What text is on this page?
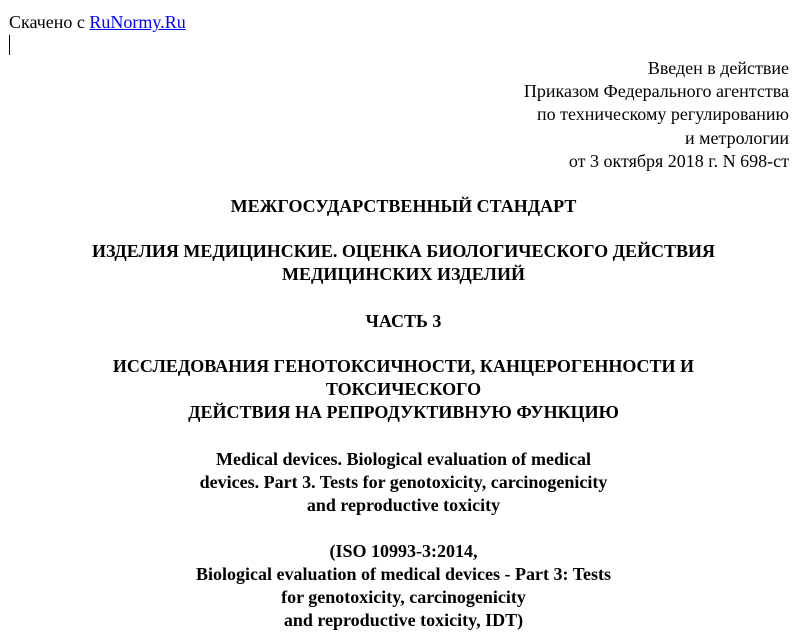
Скачено с RuNormy.Ru
Введен в действие
Приказом Федерального агентства
по техническому регулированию
и метрологии
от 3 октября 2018 г. N 698-ст
МЕЖГОСУДАРСТВЕННЫЙ СТАНДАРТ
ИЗДЕЛИЯ МЕДИЦИНСКИЕ. ОЦЕНКА БИОЛОГИЧЕСКОГО ДЕЙСТВИЯ
МЕДИЦИНСКИХ ИЗДЕЛИЙ
ЧАСТЬ 3
ИССЛЕДОВАНИЯ ГЕНОТОКСИЧНОСТИ, КАНЦЕРОГЕННОСТИ И
ТОКСИЧЕСКОГО
ДЕЙСТВИЯ НА РЕПРОДУКТИВНУЮ ФУНКЦИЮ
Medical devices. Biological evaluation of medical
devices. Part 3. Tests for genotoxicity, carcinogenicity
and reproductive toxicity
(ISO 10993-3:2014,
Biological evaluation of medical devices - Part 3: Tests
for genotoxicity, carcinogenicity
and reproductive toxicity, IDT)
